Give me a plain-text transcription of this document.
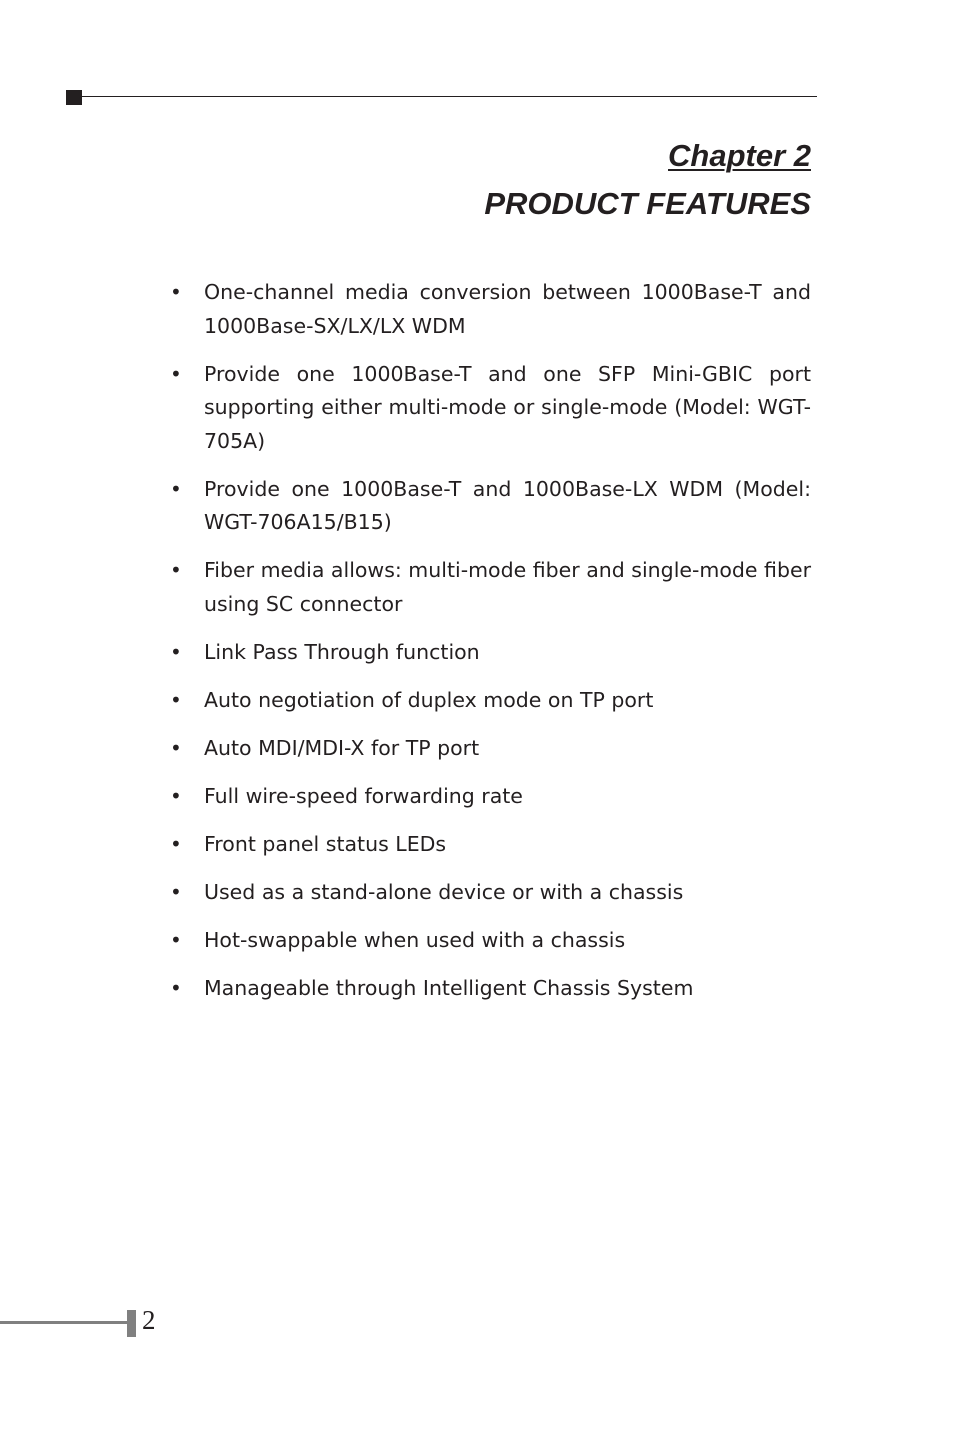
Chapter 2
PRODUCT FEATURES
• One-channel media conversion between 1000Base-T and 1000Base-SX/LX/LX WDM
• Provide one 1000Base-T and one SFP Mini-GBIC port supporting either multi-mode or single-mode (Model: WGT-705A)
• Provide one 1000Base-T and 1000Base-LX WDM (Model: WGT-706A15/B15)
• Fiber media allows: multi-mode fiber and single-mode fiber using SC connector
• Link Pass Through function
• Auto negotiation of duplex mode on TP port
• Auto MDI/MDI-X for TP port
• Full wire-speed forwarding rate
• Front panel status LEDs
• Used as a stand-alone device or with a chassis
• Hot-swappable when used with a chassis
• Manageable through Intelligent Chassis System
2
